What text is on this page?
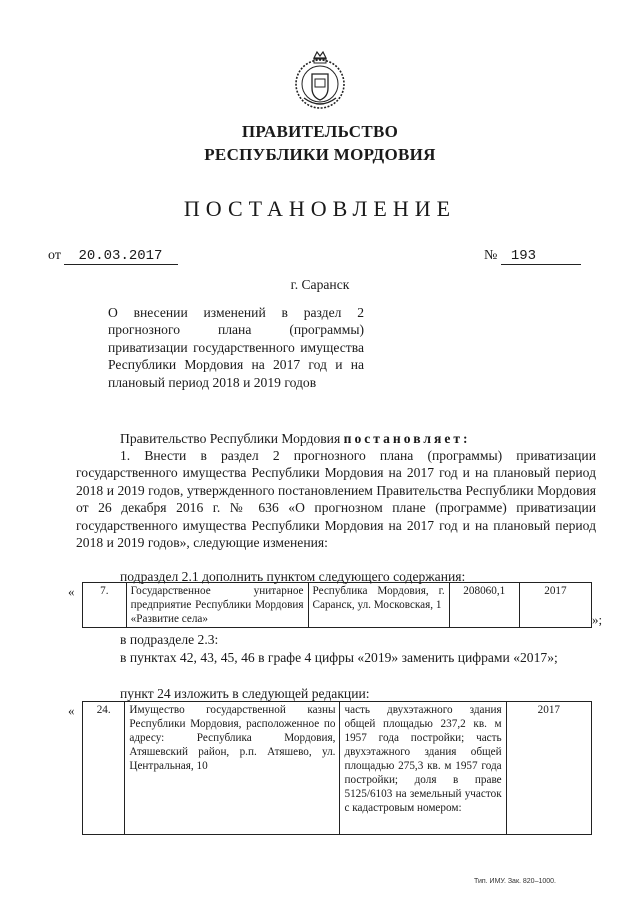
ПРАВИТЕЛЬСТВО
РЕСПУБЛИКИ МОРДОВИЯ
ПОСТАНОВЛЕНИЕ
от 20.03.2017	№ 193
г. Саранск
О внесении изменений в раздел 2 прогнозного плана (программы) приватизации государственного имущества Республики Мордовия на 2017 год и на плановый период 2018 и 2019 годов
Правительство Республики Мордовия постановляет:
1. Внести в раздел 2 прогнозного плана (программы) приватизации государственного имущества Республики Мордовия на 2017 год и на плановый период 2018 и 2019 годов, утвержденного постановлением Правительства Республики Мордовия от 26 декабря 2016 г. № 636 «О прогнозном плане (программе) приватизации государственного имущества Республики Мордовия на 2017 год и на плановый период 2018 и 2019 годов», следующие изменения:
подраздел 2.1 дополнить пунктом следующего содержания:
« 7.	Государственное унитарное предприятие Республики Мордовия «Развитие села»	Республика Мордовия, г. Саранск, ул. Московская, 1	208060,1	2017
»;
в подразделе 2.3:
в пунктах 42, 43, 45, 46 в графе 4 цифры «2019» заменить цифрами «2017»;
пункт 24 изложить в следующей редакции:
« 24.	Имущество государственной казны Республики Мордовия, расположенное по адресу: Республика Мордовия, Атяшевский район, р.п. Атяшево, ул. Центральная, 10	часть двухэтажного здания общей площадью 237,2 кв. м 1957 года постройки; часть двухэтажного здания общей площадью 275,3 кв. м 1957 года постройки; доля в праве 5125/6103 на земельный участок с кадастровым номером:	2017
Тип. ИМУ. Зак. 820–1000.
